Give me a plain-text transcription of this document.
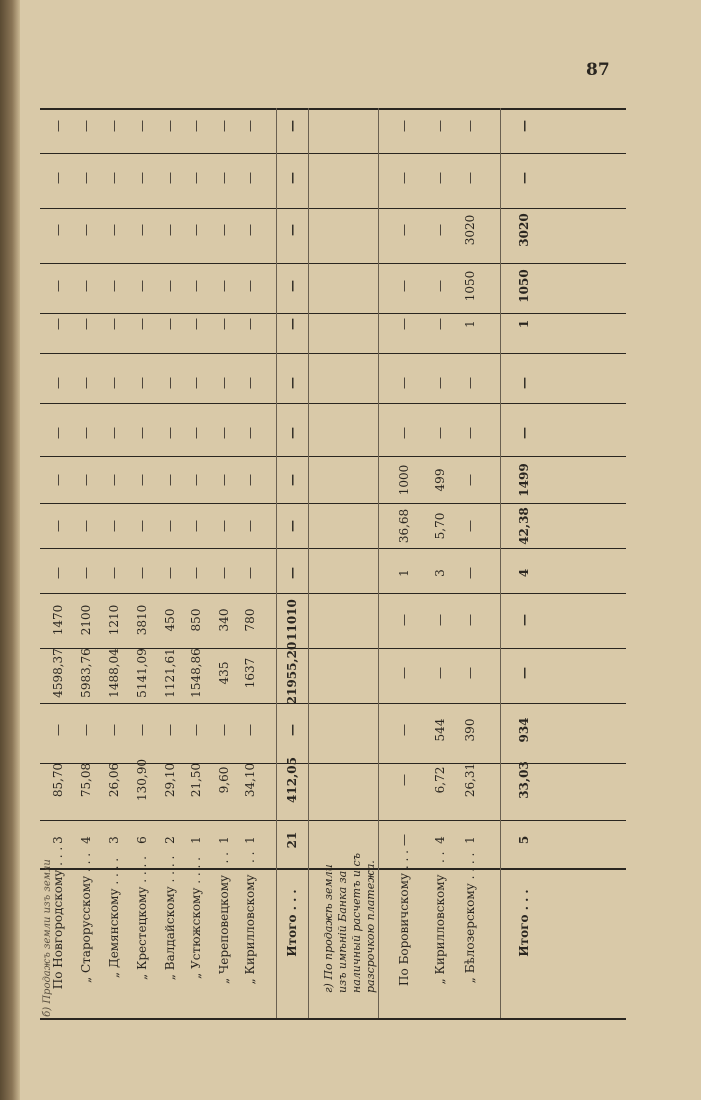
87
б) Продажъ земли изъ земли
По Новгородскому . . .
3
85,70
—
4598,37
1470
—
—
—
—
—
—
—
—
—
—
„ Старорусскому . . .
4
75,08
—
5983,76
2100
—
—
—
—
—
—
—
—
—
—
„ Демянскому . . . .
3
26,06
—
1488,04
1210
—
—
—
—
—
—
—
—
—
—
„ Крестецкому . . . .
6
130,90
—
5141,09
3810
—
—
—
—
—
—
—
—
—
—
„ Валдайскому . . . .
2
29,10
—
1121,61
450
—
—
—
—
—
—
—
—
—
—
„ Устюжскому . . . .
1
21,50
—
1548,86
850
—
—
—
—
—
—
—
—
—
—
„ Череповецкому . . .
1
9,60
—
435
340
—
—
—
—
—
—
—
—
—
—
„ Кирилловскому . . .
1
34,10
—
1637
780
—
—
—
—
—
—
—
—
—
—
Итого . . .
21
412,05
—
21955,20
11010
—
—
—
—
—
—
—
—
—
—
г) По продажѣ земли изъ имѣній Банка за наличный расчетъ и съ разсрочкою платежа. По Боровичскому . . .
—
—
—
—
—
1
36,68
1000
—
—
—
—
—
—
—
„ Кирилловскому . . .
4
6,72
544
—
—
3
5,70
499
—
—
—
—
—
—
—
„ Бѣлозерскому . . . .
1
26,31
390
—
—
—
—
—
—
—
1
1050
3020
—
—
Итого . . .
5
33,03
934
—
—
4
42,38
1499
—
—
1
1050
3020
—
—
